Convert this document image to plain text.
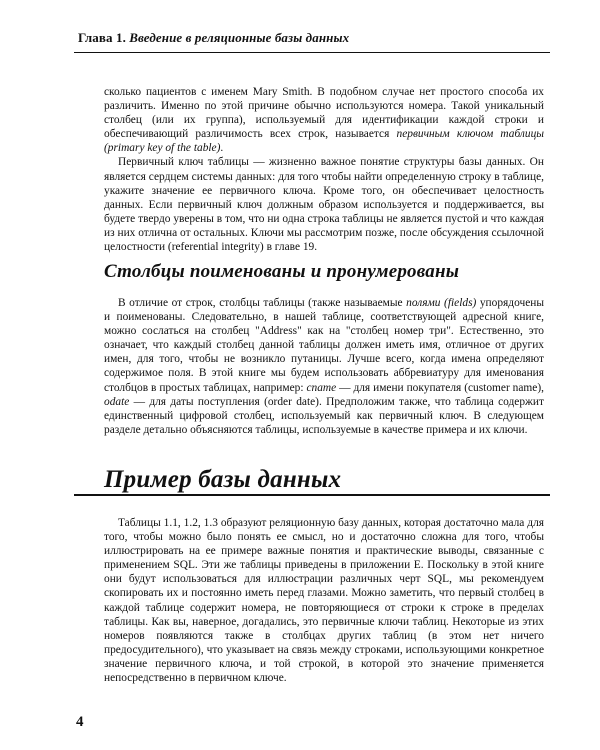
Глава 1. Введение в реляционные базы данных

сколько пациентов с именем Mary Smith. В подобном случае нет простого способа их различить. Именно по этой причине обычно используются номера. Такой уникальный столбец (или их группа), используемый для идентификации каждой строки и обеспечивающий различимость всех строк, называется первичным ключом таблицы (primary key of the table).

Первичный ключ таблицы — жизненно важное понятие структуры базы данных. Он является сердцем системы данных: для того чтобы найти определенную строку в таблице, укажите значение ее первичного ключа. Кроме того, он обеспечивает целостность данных. Если первичный ключ должным образом используется и поддерживается, вы будете твердо уверены в том, что ни одна строка таблицы не является пустой и что каждая из них отлична от остальных. Ключи мы рассмотрим позже, после обсуждения ссылочной целостности (referential integrity) в главе 19.

Столбцы поименованы и пронумерованы

В отличие от строк, столбцы таблицы (также называемые полями (fields) упорядочены и поименованы. Следовательно, в нашей таблице, соответствующей адресной книге, можно сослаться на столбец "Address" как на "столбец номер три". Естественно, это означает, что каждый столбец данной таблицы должен иметь имя, отличное от других имен, для того, чтобы не возникло путаницы. Лучше всего, когда имена определяют содержимое поля. В этой книге мы будем использовать аббревиатуру для именования столбцов в простых таблицах, например: cname — для имени покупателя (customer name), odate — для даты поступления (order date). Предположим также, что таблица содержит единственный цифровой столбец, используемый как первичный ключ. В следующем разделе детально объясняются таблицы, используемые в качестве примера и их ключи.

Пример базы данных

Таблицы 1.1, 1.2, 1.3 образуют реляционную базу данных, которая достаточно мала для того, чтобы можно было понять ее смысл, но и достаточно сложна для того, чтобы иллюстрировать на ее примере важные понятия и практические выводы, связанные с применением SQL. Эти же таблицы приведены в приложении E. Поскольку в этой книге они будут использоваться для иллюстрации различных черт SQL, мы рекомендуем скопировать их и постоянно иметь перед глазами. Можно заметить, что первый столбец в каждой таблице содержит номера, не повторяющиеся от строки к строке в пределах таблицы. Как вы, наверное, догадались, это первичные ключи таблиц. Некоторые из этих номеров появляются также в столбцах других таблиц (в этом нет ничего предосудительного), что указывает на связь между строками, использующими конкретное значение первичного ключа, и той строкой, в которой это значение применяется непосредственно в первичном ключе.

4
